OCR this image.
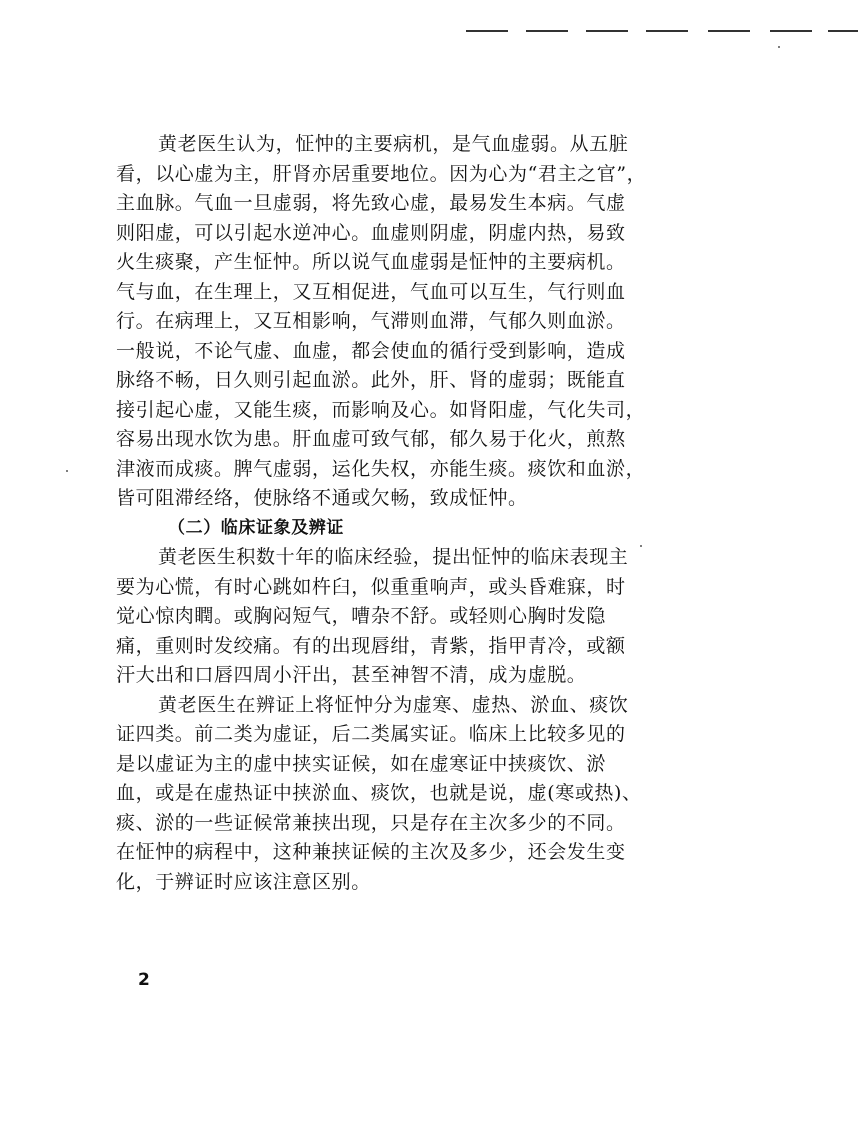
黄老医生认为，怔忡的主要病机，是气血虚弱。从五脏
看，以心虚为主，肝肾亦居重要地位。因为心为“君主之官”，
主血脉。气血一旦虚弱，将先致心虚，最易发生本病。气虚
则阳虚，可以引起水逆冲心。血虚则阴虚，阴虚内热，易致
火生痰聚，产生怔忡。所以说气血虚弱是怔忡的主要病机。
气与血，在生理上，又互相促进，气血可以互生，气行则血
行。在病理上，又互相影响，气滞则血滞，气郁久则血淤。
一般说，不论气虚、血虚，都会使血的循行受到影响，造成
脉络不畅，日久则引起血淤。此外，肝、肾的虚弱；既能直
接引起心虚，又能生痰，而影响及心。如肾阳虚，气化失司，
容易出现水饮为患。肝血虚可致气郁，郁久易于化火，煎熬
津液而成痰。脾气虚弱，运化失权，亦能生痰。痰饮和血淤，
皆可阻滞经络，使脉络不通或欠畅，致成怔忡。
（二）临床证象及辨证
黄老医生积数十年的临床经验，提出怔忡的临床表现主
要为心慌，有时心跳如杵臼，似重重响声，或头昏难寐，时
觉心惊肉瞤。或胸闷短气，嘈杂不舒。或轻则心胸时发隐
痛，重则时发绞痛。有的出现唇绀，青紫，指甲青冷，或额
汗大出和口唇四周小汗出，甚至神智不清，成为虚脱。
黄老医生在辨证上将怔忡分为虚寒、虚热、淤血、痰饮
证四类。前二类为虚证，后二类属实证。临床上比较多见的
是以虚证为主的虚中挟实证候，如在虚寒证中挟痰饮、淤
血，或是在虚热证中挟淤血、痰饮，也就是说，虚(寒或热)、
痰、淤的一些证候常兼挟出现，只是存在主次多少的不同。
在怔忡的病程中，这种兼挟证候的主次及多少，还会发生变
化，于辨证时应该注意区别。
2
